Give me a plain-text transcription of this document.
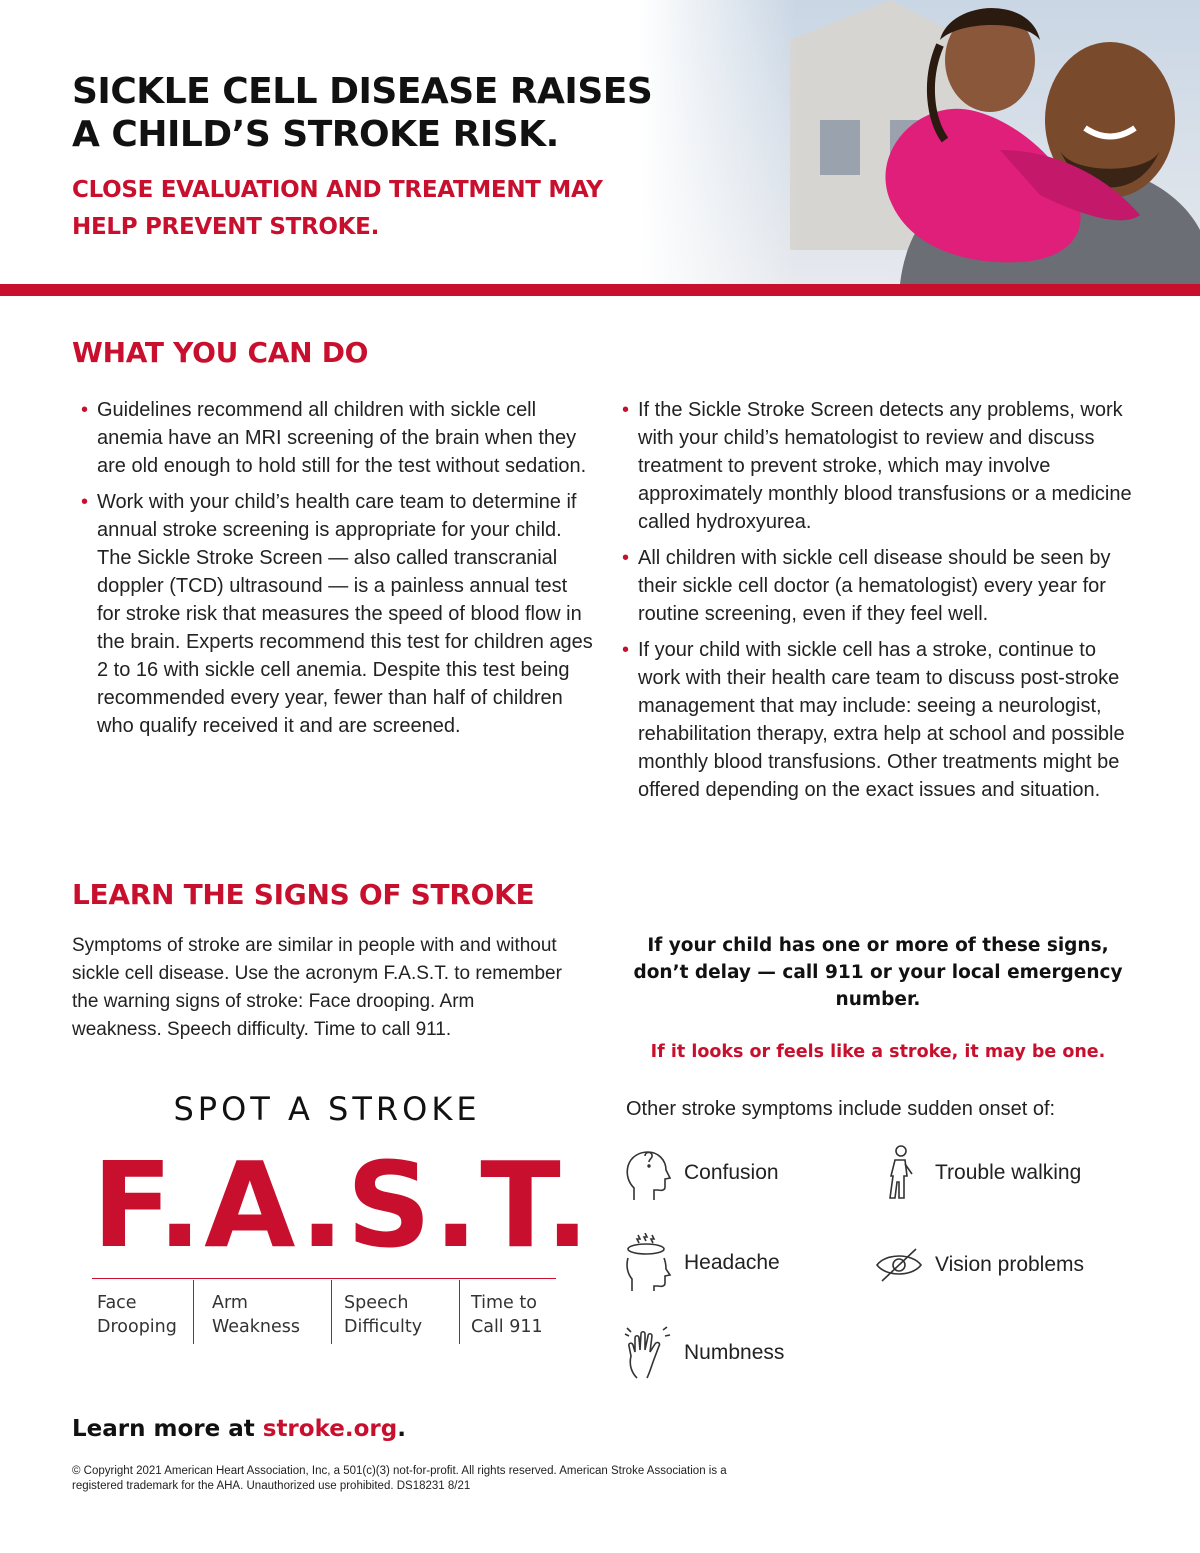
SICKLE CELL DISEASE RAISES
A CHILD’S STROKE RISK.
CLOSE EVALUATION AND TREATMENT MAY
HELP PREVENT STROKE.
WHAT YOU CAN DO
• Guidelines recommend all children with sickle cell anemia have an MRI screening of the brain when they are old enough to hold still for the test without sedation.
• Work with your child’s health care team to determine if annual stroke screening is appropriate for your child. The Sickle Stroke Screen — also called transcranial doppler (TCD) ultrasound — is a painless annual test for stroke risk that measures the speed of blood flow in the brain. Experts recommend this test for children ages 2 to 16 with sickle cell anemia. Despite this test being recommended every year, fewer than half of children who qualify received it and are screened.
• If the Sickle Stroke Screen detects any problems, work with your child’s hematologist to review and discuss treatment to prevent stroke, which may involve approximately monthly blood transfusions or a medicine called hydroxyurea.
• All children with sickle cell disease should be seen by their sickle cell doctor (a hematologist) every year for routine screening, even if they feel well.
• If your child with sickle cell has a stroke, continue to work with their health care team to discuss post-stroke management that may include: seeing a neurologist, rehabilitation therapy, extra help at school and possible monthly blood transfusions. Other treatments might be offered depending on the exact issues and situation.
LEARN THE SIGNS OF STROKE
Symptoms of stroke are similar in people with and without sickle cell disease. Use the acronym F.A.S.T. to remember the warning signs of stroke: Face drooping. Arm weakness. Speech difficulty. Time to call 911.
If your child has one or more of these signs, don’t delay — call 911 or your local emergency number.
If it looks or feels like a stroke, it may be one.
Other stroke symptoms include sudden onset of:
Confusion	Trouble walking
Headache	Vision problems
Numbness
SPOT A STROKE
F.A.S.T.
Face
Drooping
Arm
Weakness
Speech
Difficulty
Time to
Call 911
Learn more at stroke.org.
© Copyright 2021 American Heart Association, Inc, a 501(c)(3) not-for-profit. All rights reserved. American Stroke Association is a registered trademark for the AHA. Unauthorized use prohibited. DS18231 8/21
